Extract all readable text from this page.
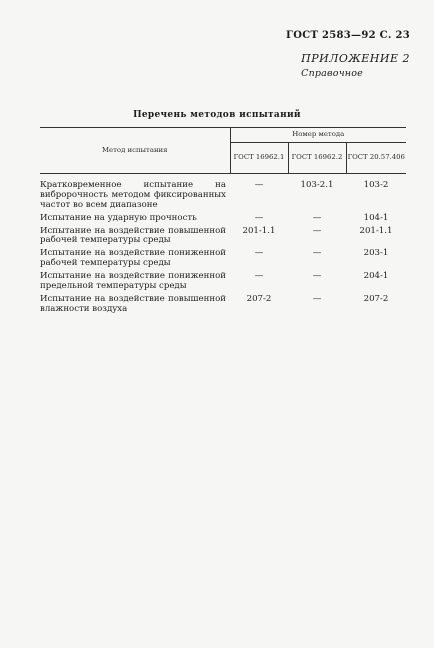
ГОСТ 2583—92 С. 23
ПРИЛОЖЕНИЕ 2
Справочное
Перечень методов испытаний
Метод испытания	Номер метода		
	ГОСТ 16962.1	ГОСТ 16962.2	ГОСТ 20.57.406

Кратковременное испытание на вибророчность методом фиксированных частот во всем диапазоне	—	103-2.1	103-2
Испытание на ударную прочность	—	—	104-1
Испытание на воздействие повышенной рабочей температуры среды	201-1.1	—	201-1.1
Испытание на воздействие пониженной рабочей температуры среды	—	—	203-1
Испытание на воздействие пониженной предельной температуры среды	—	—	204-1
Испытание на воздействие повышенной влажности воздуха	207-2	—	207-2
